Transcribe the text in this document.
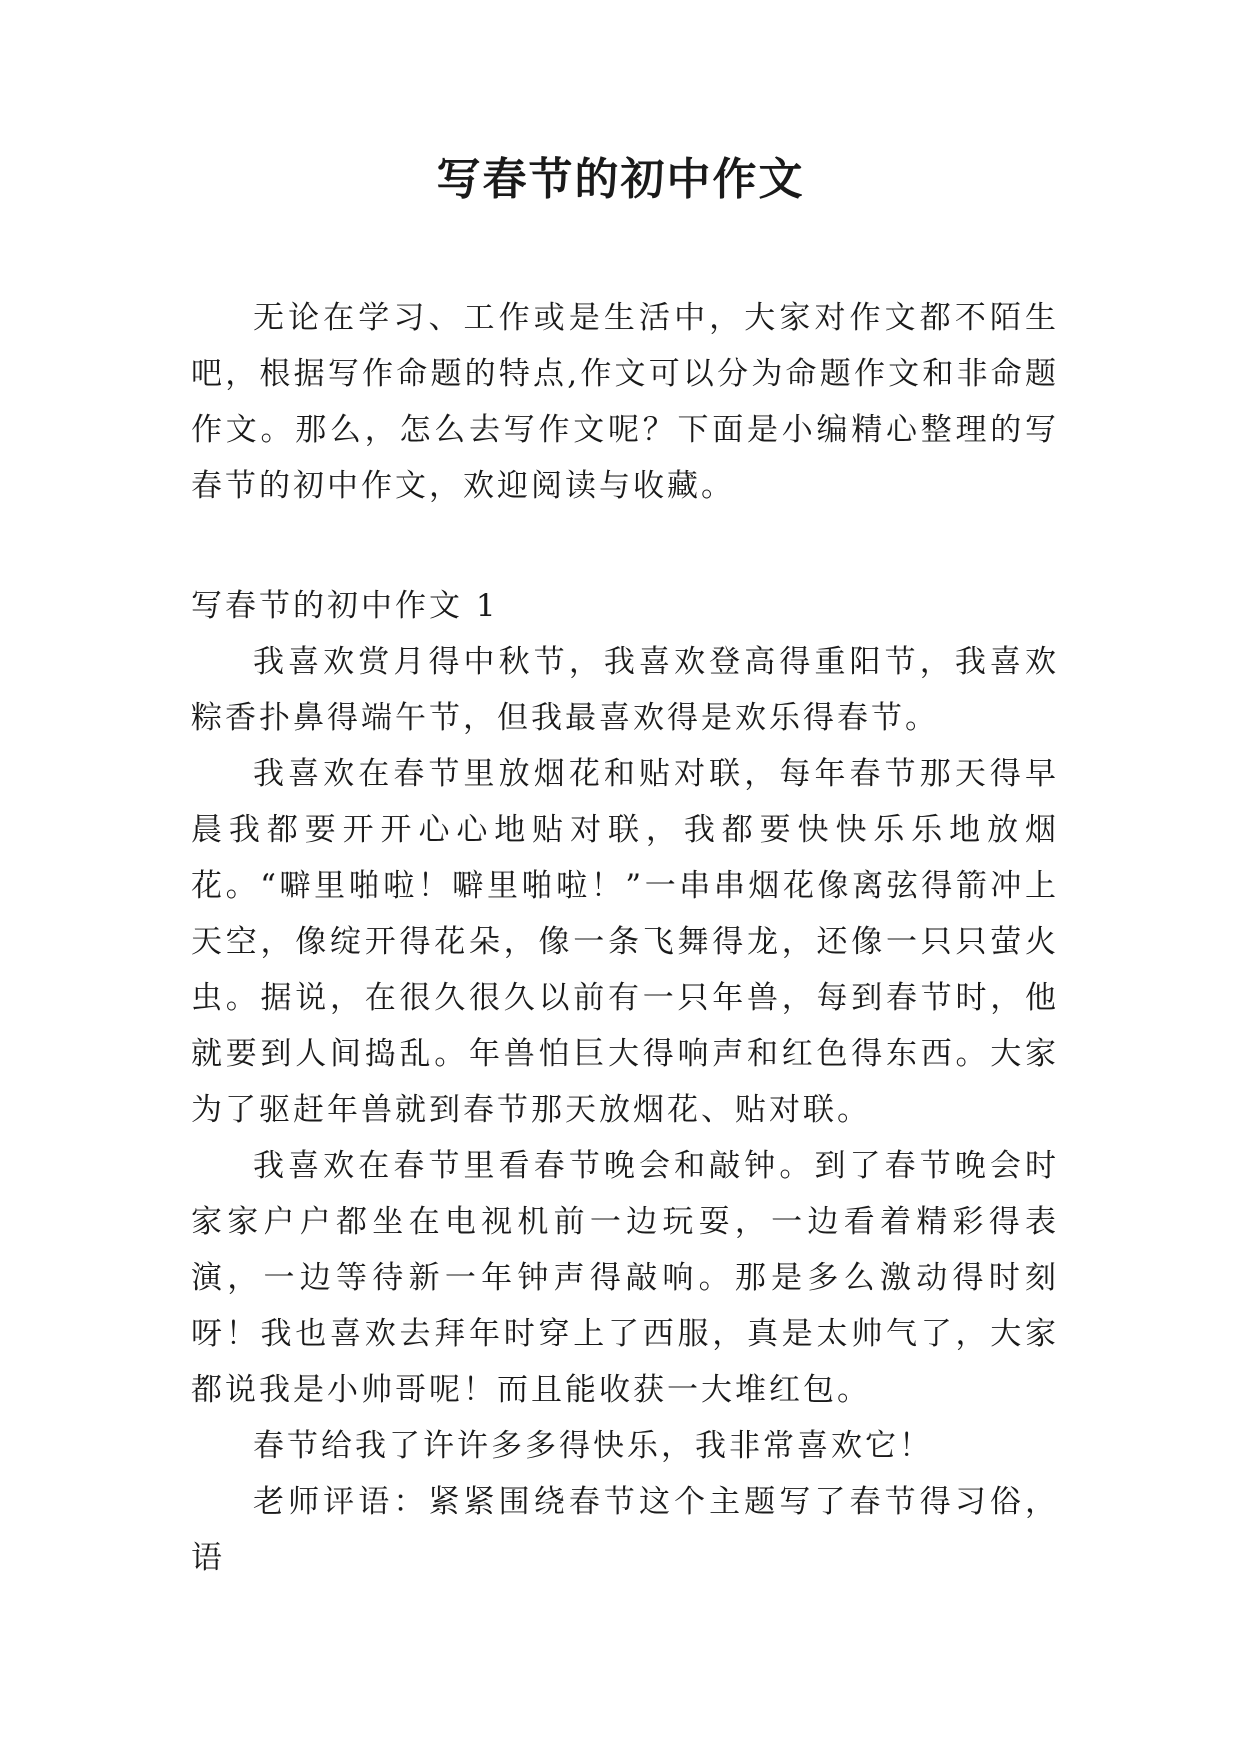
写春节的初中作文

无论在学习、工作或是生活中，大家对作文都不陌生吧，根据写作命题的特点,作文可以分为命题作文和非命题作文。那么，怎么去写作文呢？下面是小编精心整理的写春节的初中作文，欢迎阅读与收藏。

写春节的初中作文 1

我喜欢赏月得中秋节，我喜欢登高得重阳节，我喜欢粽香扑鼻得端午节，但我最喜欢得是欢乐得春节。

我喜欢在春节里放烟花和贴对联，每年春节那天得早晨我都要开开心心地贴对联，我都要快快乐乐地放烟花。“噼里啪啦！噼里啪啦！”一串串烟花像离弦得箭冲上天空，像绽开得花朵，像一条飞舞得龙，还像一只只萤火虫。据说，在很久很久以前有一只年兽，每到春节时，他就要到人间捣乱。年兽怕巨大得响声和红色得东西。大家为了驱赶年兽就到春节那天放烟花、贴对联。

我喜欢在春节里看春节晚会和敲钟。到了春节晚会时家家户户都坐在电视机前一边玩耍，一边看着精彩得表演，一边等待新一年钟声得敲响。那是多么激动得时刻呀！我也喜欢去拜年时穿上了西服，真是太帅气了，大家都说我是小帅哥呢！而且能收获一大堆红包。

春节给我了许许多多得快乐，我非常喜欢它！

老师评语：紧紧围绕春节这个主题写了春节得习俗，语
